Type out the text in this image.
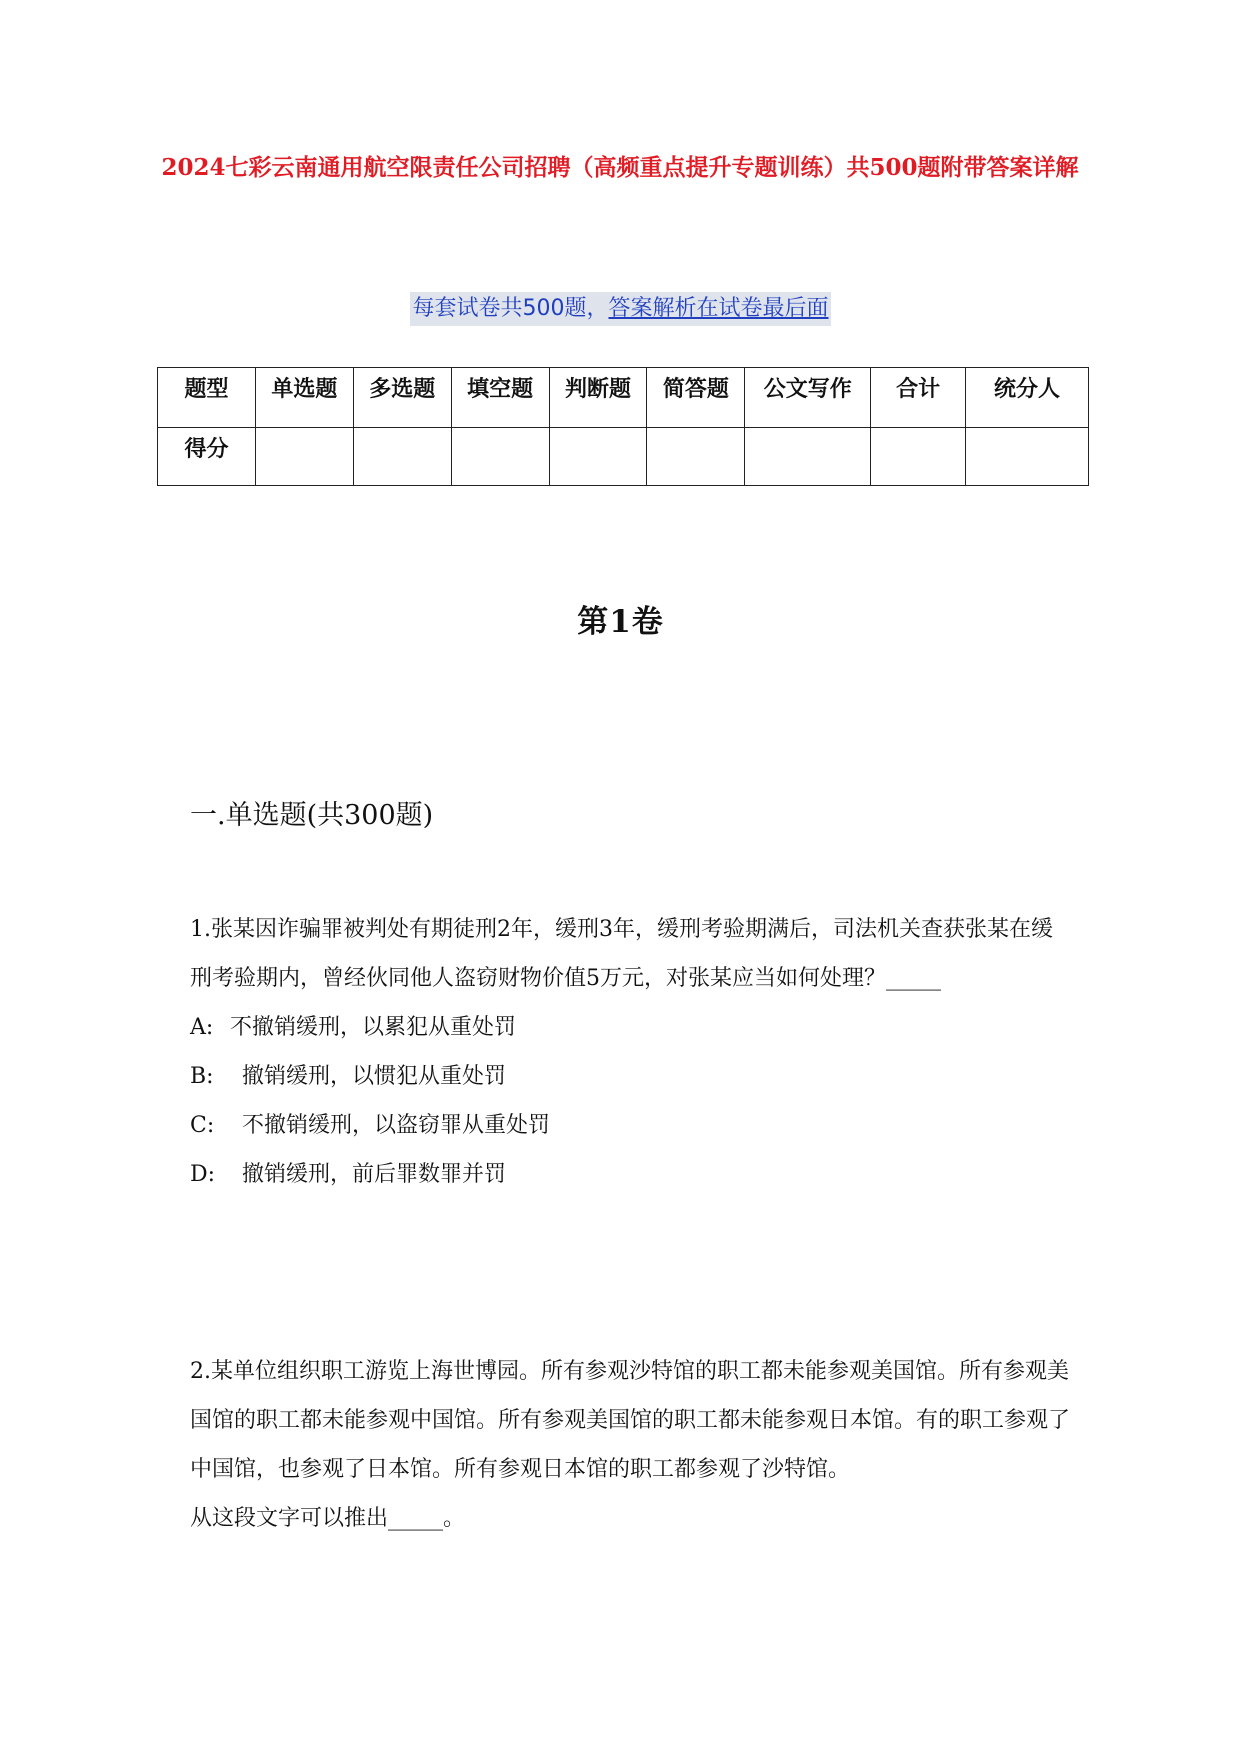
2024七彩云南通用航空限责任公司招聘（高频重点提升专题训练）共500题附带答案详解
每套试卷共500题，答案解析在试卷最后面
题型	单选题	多选题	填空题	判断题	简答题	公文写作	合计	统分人
得分								
第1卷
一.单选题(共300题)

1.张某因诈骗罪被判处有期徒刑2年，缓刑3年，缓刑考验期满后，司法机关查获张某在缓刑考验期内，曾经伙同他人盗窃财物价值5万元，对张某应当如何处理？_____

A: 不撤销缓刑，以累犯从重处罚
B: 撤销缓刑，以惯犯从重处罚
C: 不撤销缓刑，以盗窃罪从重处罚
D: 撤销缓刑，前后罪数罪并罚

2.某单位组织职工游览上海世博园。所有参观沙特馆的职工都未能参观美国馆。所有参观美国馆的职工都未能参观中国馆。所有参观美国馆的职工都未能参观日本馆。有的职工参观了中国馆，也参观了日本馆。所有参观日本馆的职工都参观了沙特馆。

从这段文字可以推出_____。
